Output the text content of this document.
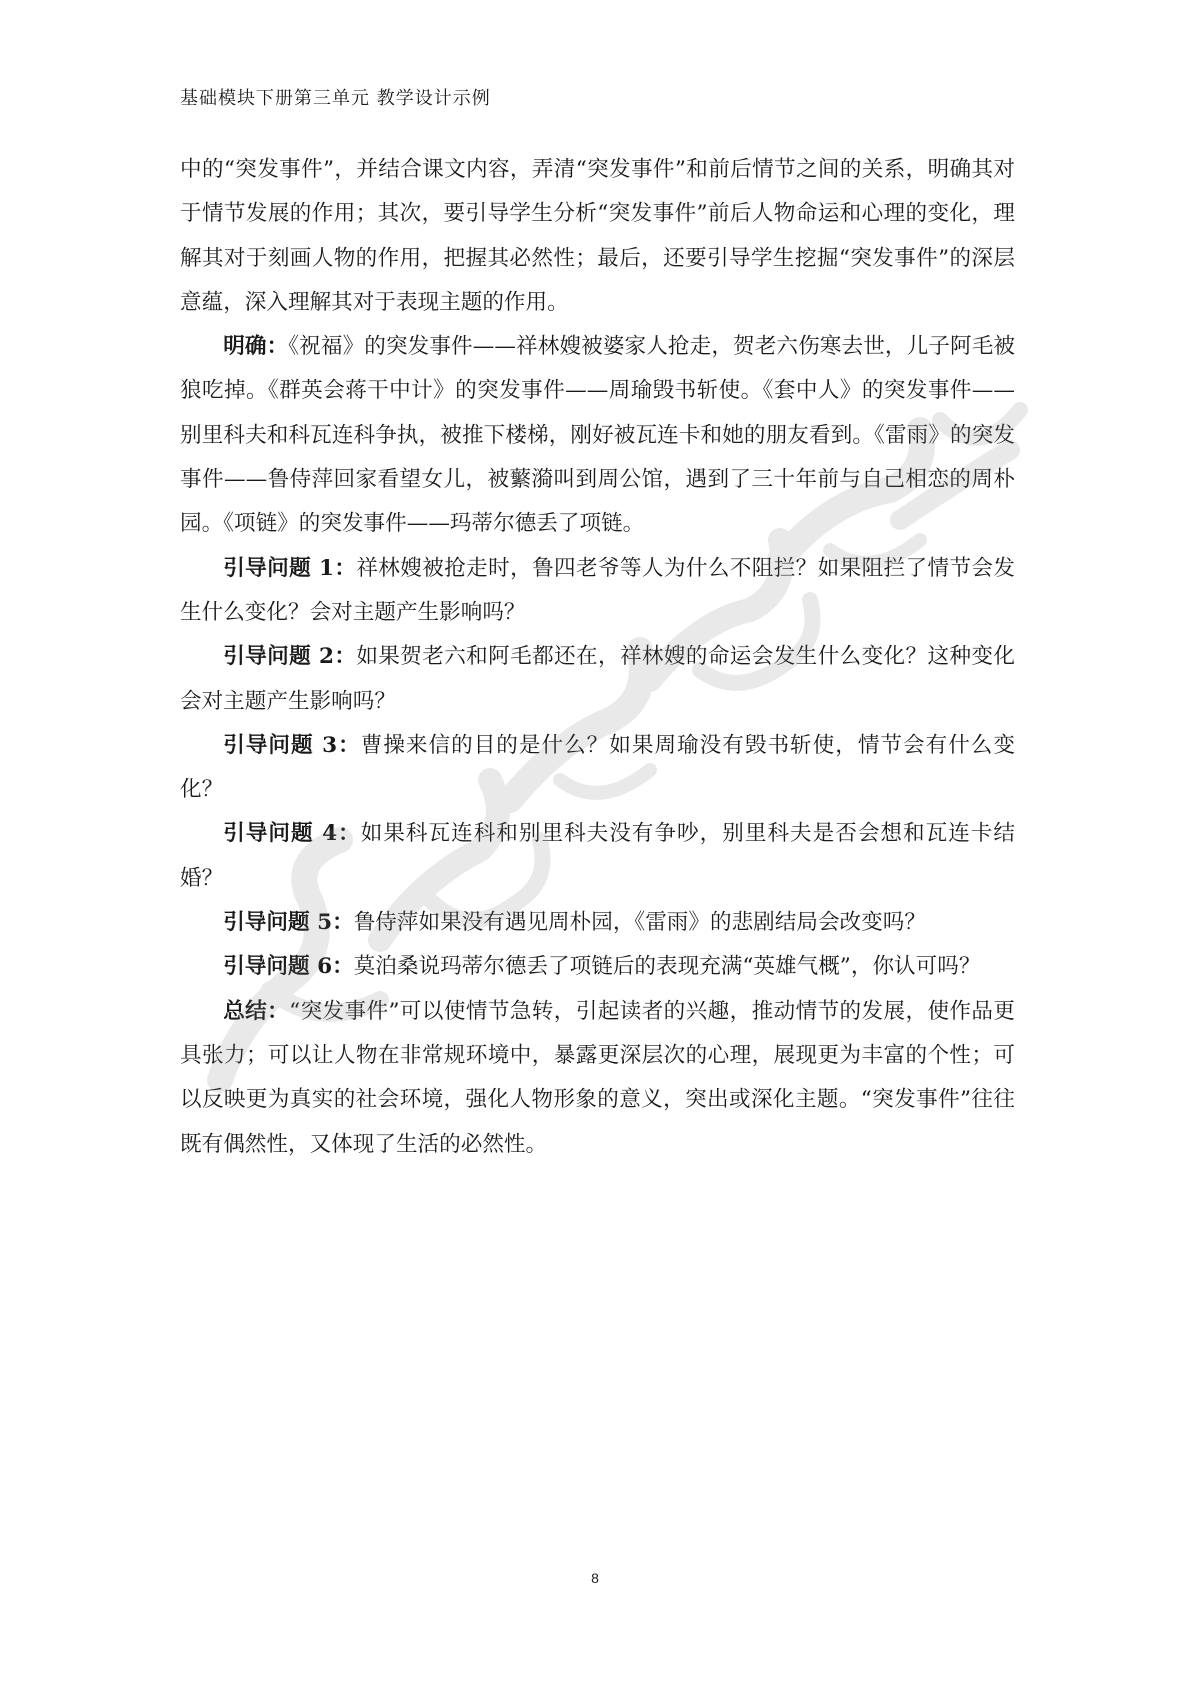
基础模块下册第三单元 教学设计示例

中的“突发事件”，并结合课文内容，弄清“突发事件”和前后情节之间的关系，明确其对于情节发展的作用；其次，要引导学生分析“突发事件”前后人物命运和心理的变化，理解其对于刻画人物的作用，把握其必然性；最后，还要引导学生挖掘“突发事件”的深层意蕴，深入理解其对于表现主题的作用。

明确：《祝福》的突发事件——祥林嫂被婆家人抢走，贺老六伤寒去世，儿子阿毛被狼吃掉。《群英会蒋干中计》的突发事件——周瑜毁书斩使。《套中人》的突发事件——别里科夫和科瓦连科争执，被推下楼梯，刚好被瓦连卡和她的朋友看到。《雷雨》的突发事件——鲁侍萍回家看望女儿，被蘩漪叫到周公馆，遇到了三十年前与自己相恋的周朴园。《项链》的突发事件——玛蒂尔德丢了项链。

引导问题 1：祥林嫂被抢走时，鲁四老爷等人为什么不阻拦？如果阻拦了情节会发生什么变化？会对主题产生影响吗？

引导问题 2：如果贺老六和阿毛都还在，祥林嫂的命运会发生什么变化？这种变化会对主题产生影响吗？

引导问题 3：曹操来信的目的是什么？如果周瑜没有毁书斩使，情节会有什么变化？

引导问题 4：如果科瓦连科和别里科夫没有争吵，别里科夫是否会想和瓦连卡结婚？

引导问题 5：鲁侍萍如果没有遇见周朴园，《雷雨》的悲剧结局会改变吗？

引导问题 6：莫泊桑说玛蒂尔德丢了项链后的表现充满“英雄气概”，你认可吗？

总结：“突发事件”可以使情节急转，引起读者的兴趣，推动情节的发展，使作品更具张力；可以让人物在非常规环境中，暴露更深层次的心理，展现更为丰富的个性；可以反映更为真实的社会环境，强化人物形象的意义，突出或深化主题。“突发事件”往往既有偶然性，又体现了生活的必然性。

8
